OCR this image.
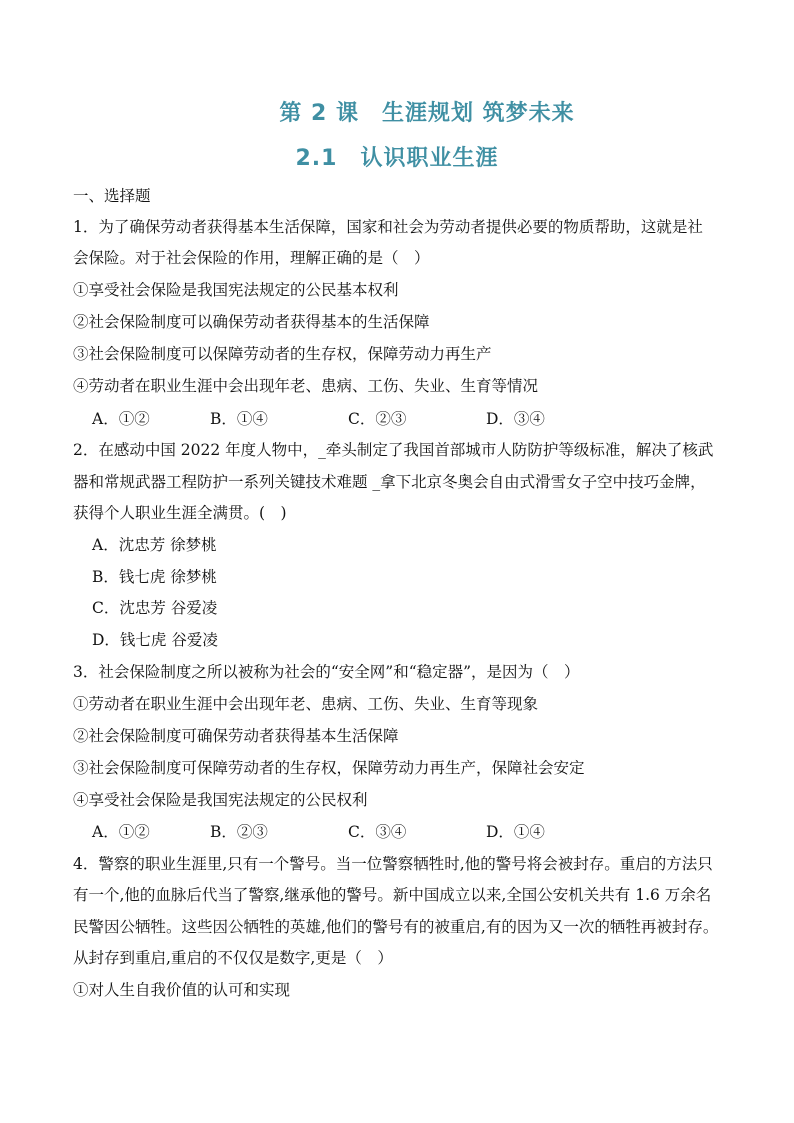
第 2 课　生涯规划 筑梦未来
2.1　认识职业生涯
一、选择题
1．为了确保劳动者获得基本生活保障，国家和社会为劳动者提供必要的物质帮助，这就是社
会保险。对于社会保险的作用，理解正确的是（　）
①享受社会保险是我国宪法规定的公民基本权利
②社会保险制度可以确保劳动者获得基本的生活保障
③社会保险制度可以保障劳动者的生存权，保障劳动力再生产
④劳动者在职业生涯中会出现年老、患病、工伤、失业、生育等情况
A．①②	B．①④	C．②③	D．③④
2．在感动中国 2022 年度人物中，_牵头制定了我国首部城市人防防护等级标准，解决了核武
器和常规武器工程防护一系列关键技术难题 _拿下北京冬奥会自由式滑雪女子空中技巧金牌，
获得个人职业生涯全满贯。(　)
A．沈忠芳 徐梦桃
B．钱七虎 徐梦桃
C．沈忠芳 谷爱凌
D．钱七虎 谷爱凌
3．社会保险制度之所以被称为社会的“安全网”和“稳定器”，是因为（　）
①劳动者在职业生涯中会出现年老、患病、工伤、失业、生育等现象
②社会保险制度可确保劳动者获得基本生活保障
③社会保险制度可保障劳动者的生存权，保障劳动力再生产，保障社会安定
④享受社会保险是我国宪法规定的公民权利
A．①②	B．②③	C．③④	D．①④
4．警察的职业生涯里,只有一个警号。当一位警察牺牲时,他的警号将会被封存。重启的方法只
有一个,他的血脉后代当了警察,继承他的警号。新中国成立以来,全国公安机关共有 1.6 万余名
民警因公牺牲。这些因公牺牲的英雄,他们的警号有的被重启,有的因为又一次的牺牲再被封存。
从封存到重启,重启的不仅仅是数字,更是（　）
①对人生自我价值的认可和实现
